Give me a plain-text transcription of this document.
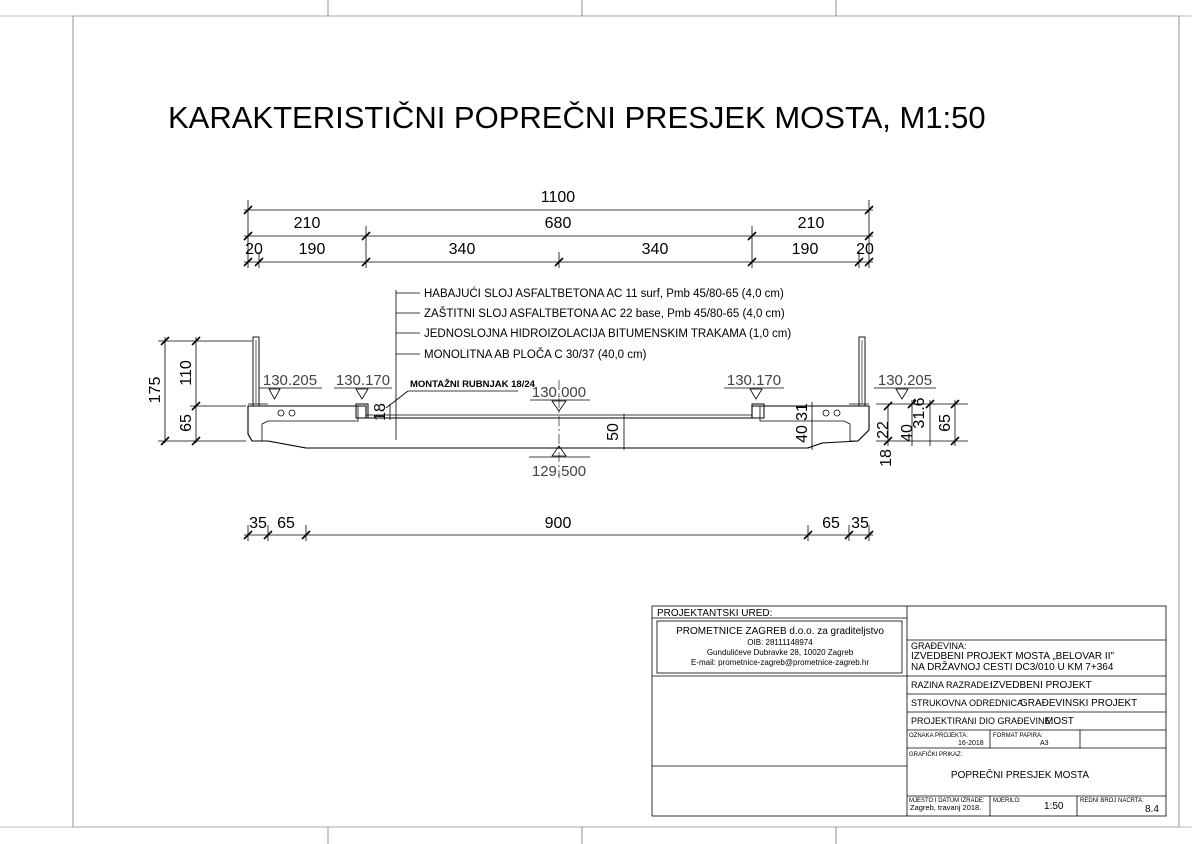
KARAKTERISTIČNI POPREČNI PRESJEK MOSTA, M1:50
1100
210	680	210
20 190	340	340	190 20
HABAJUĆI SLOJ ASFALTBETONA AC 11 surf, Pmb 45/80-65 (4,0 cm)
ZAŠTITNI SLOJ ASFALTBETONA AC 22 base, Pmb 45/80-65 (4,0 cm)
JEDNOSLOJNA HIDROIZOLACIJA BITUMENSKIM TRAKAMA (1,0 cm)
MONOLITNA AB PLOČA C 30/37 (40,0 cm)
MONTAŽNI RUBNJAK 18/24
130.205 130.170
130.000
130.170	130.205
129.500
175
110
65
18
50	40
31
22 40
31.6 65
18
35 65	900	65 35
PROJEKTANTSKI URED:
PROMETNICE ZAGREB d.o.o. za graditeljstvo
OIB: 28111148974
Gundulićeve Dubravke 28, 10020 Zagreb
E-mail: prometnice-zagreb@prometnice-zagreb.hr
GRAĐEVINA:
IZVEDBENI PROJEKT MOSTA „BELOVAR II"
NA DRŽAVNOJ CESTI DC3/010 U KM 7+364
RAZINA RAZRADE:
IZVEDBENI PROJEKT
STRUKOVNA ODREDNICA:
GRAĐEVINSKI PROJEKT
PROJEKTIRANI DIO GRAĐEVINE:
MOST
OZNAKA PROJEKTA:
16-2018
FORMAT PAPIRA:
A3
GRAFIČKI PRIKAZ:
POPREČNI PRESJEK MOSTA
MJESTO I DATUM IZRADE:
Zagreb, travanj 2018.
MJERILO: 1:50	REDNI BROJ NACRTA:
8.4
